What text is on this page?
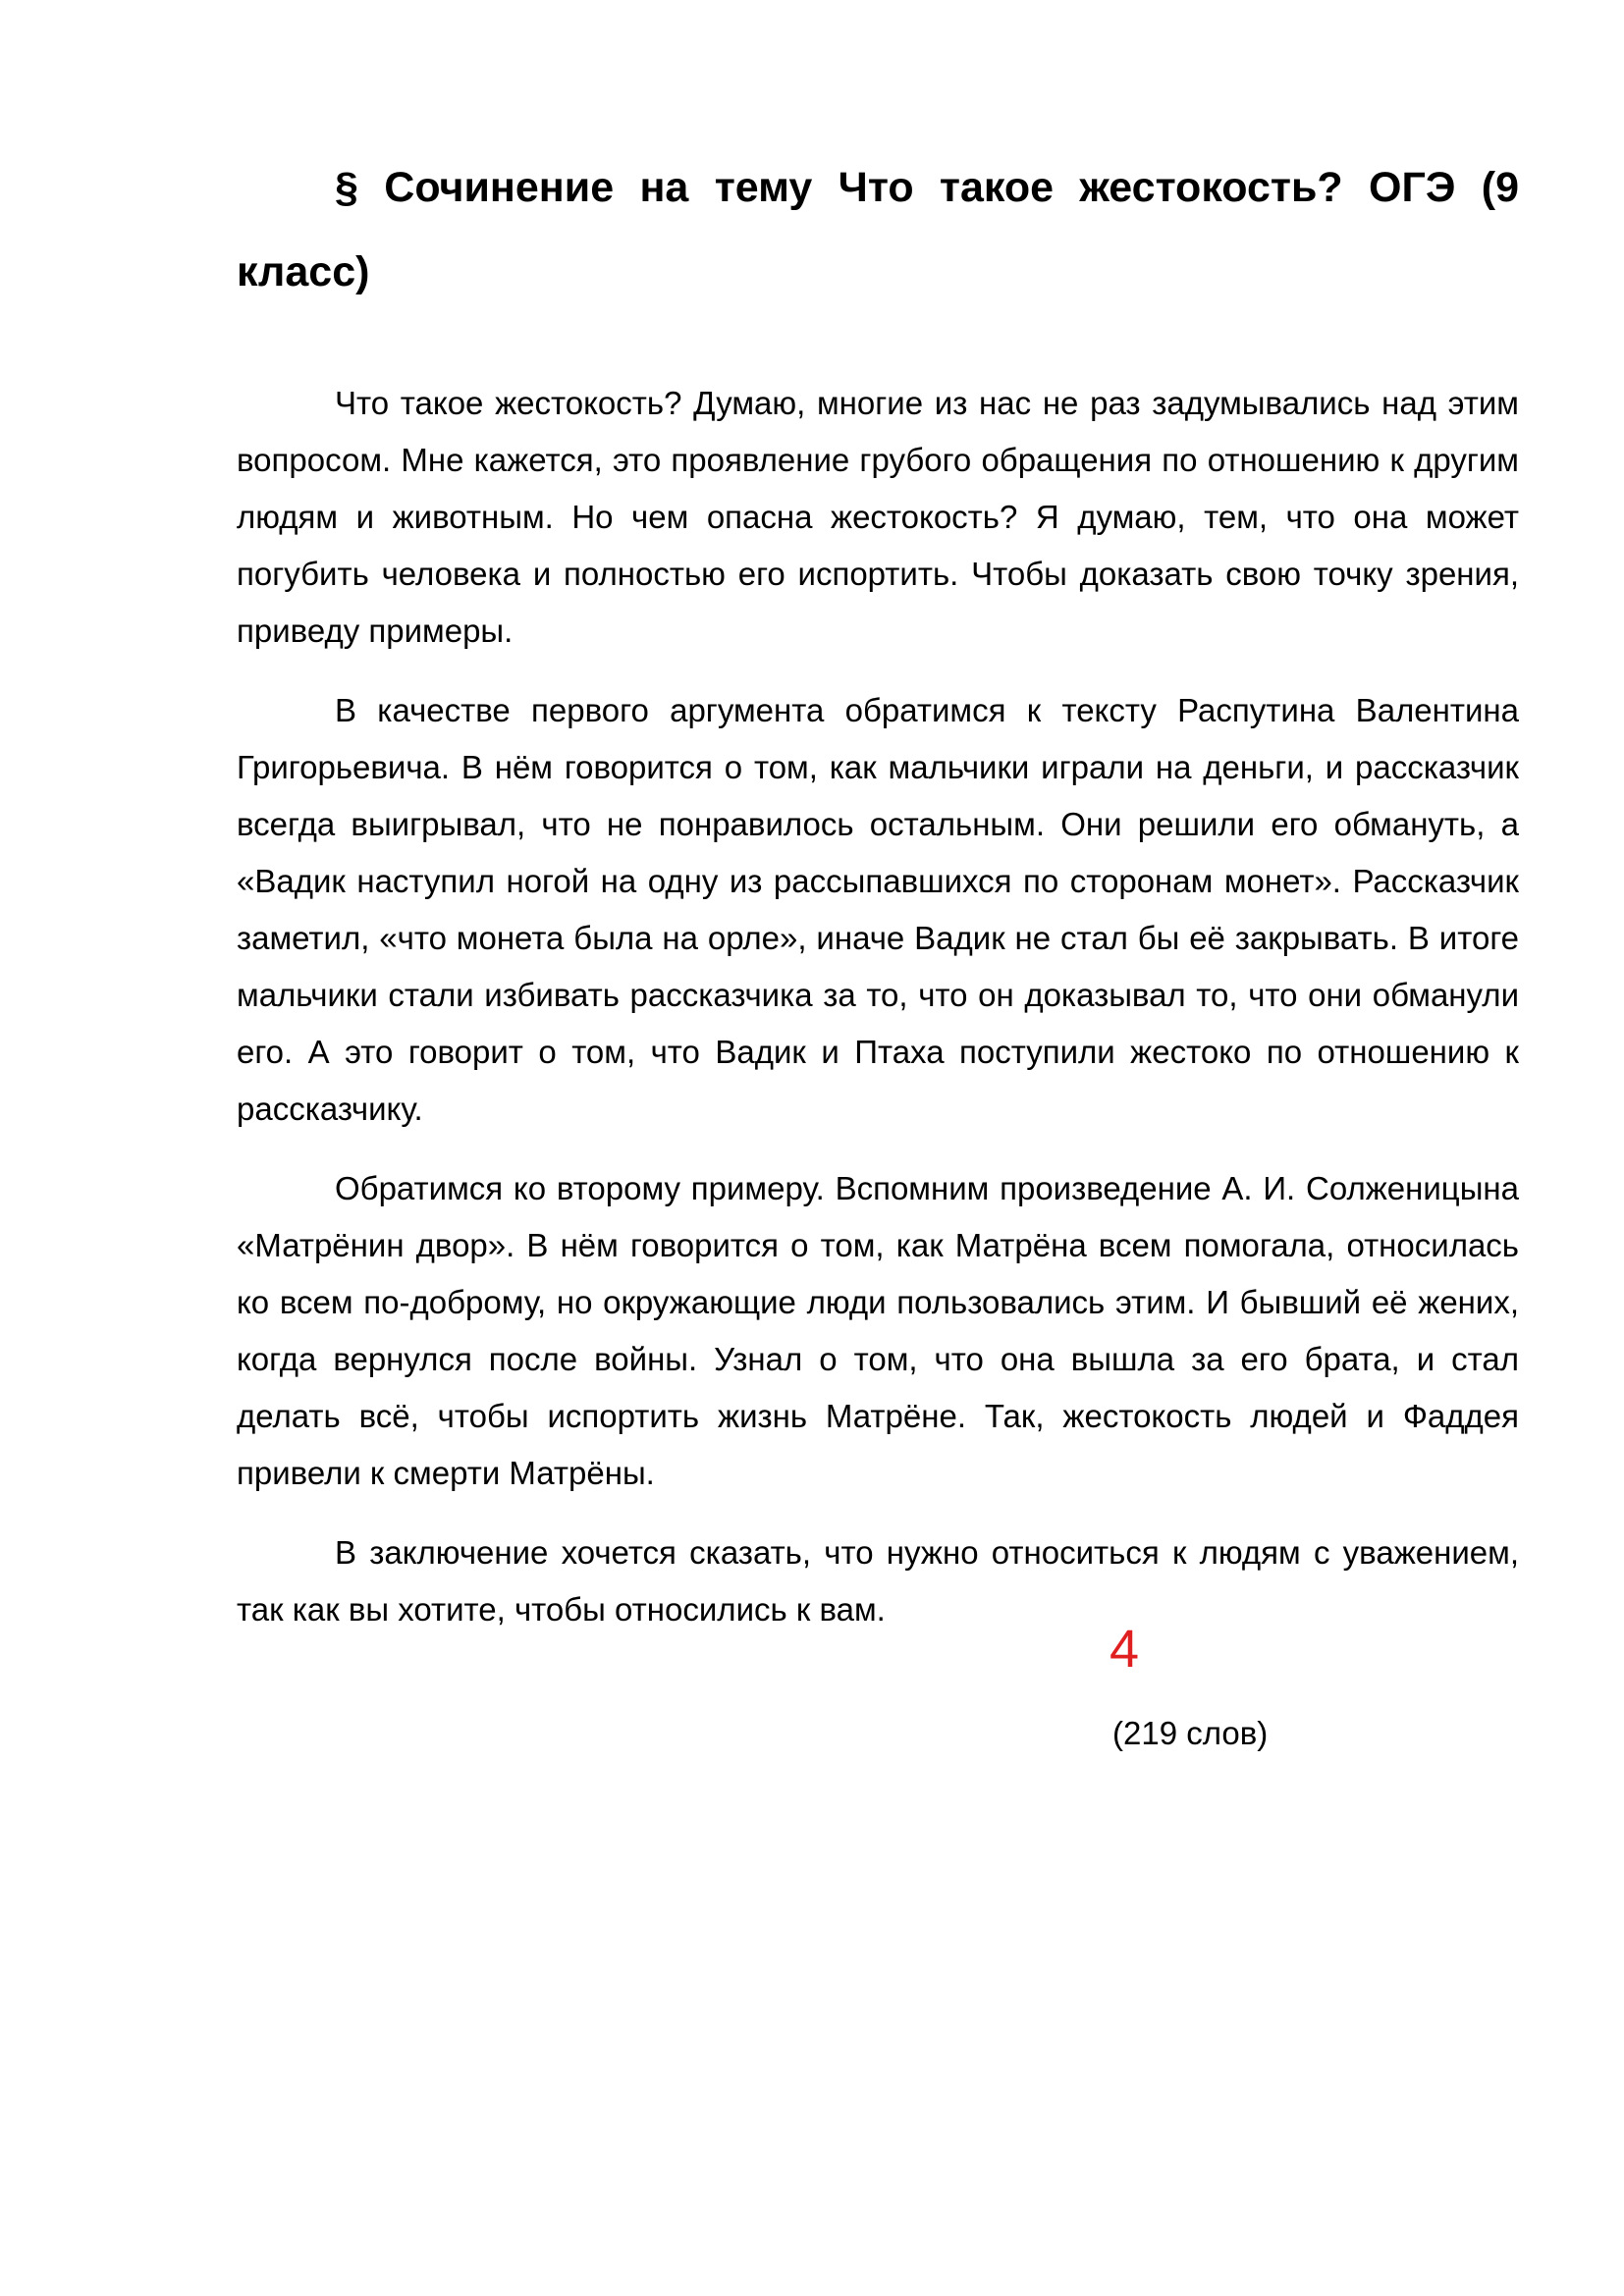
§ Сочинение на тему Что такое жестокость? ОГЭ (9 класс)

Что такое жестокость? Думаю, многие из нас не раз задумывались над этим вопросом. Мне кажется, это проявление грубого обращения по отношению к другим людям и животным. Но чем опасна жестокость? Я думаю, тем, что она может погубить человека и полностью его испортить. Чтобы доказать свою точку зрения, приведу примеры.

В качестве первого аргумента обратимся к тексту Распутина Валентина Григорьевича. В нём говорится о том, как мальчики играли на деньги, и рассказчик всегда выигрывал, что не понравилось остальным. Они решили его обмануть, а «Вадик наступил ногой на одну из рассыпавшихся по сторонам монет». Рассказчик заметил, «что монета была на орле», иначе Вадик не стал бы её закрывать. В итоге мальчики стали избивать рассказчика за то, что он доказывал то, что они обманули его. А это говорит о том, что Вадик и Птаха поступили жестоко по отношению к рассказчику.

Обратимся ко второму примеру. Вспомним произведение А. И. Солженицына «Матрёнин двор». В нём говорится о том, как Матрёна всем помогала, относилась ко всем по-доброму, но окружающие люди пользовались этим. И бывший её жених, когда вернулся после войны. Узнал о том, что она вышла за его брата, и стал делать всё, чтобы испортить жизнь Матрёне. Так, жестокость людей и Фаддея привели к смерти Матрёны.

В заключение хочется сказать, что нужно относиться к людям с уважением, так как вы хотите, чтобы относились к вам.

4
(219 слов)
